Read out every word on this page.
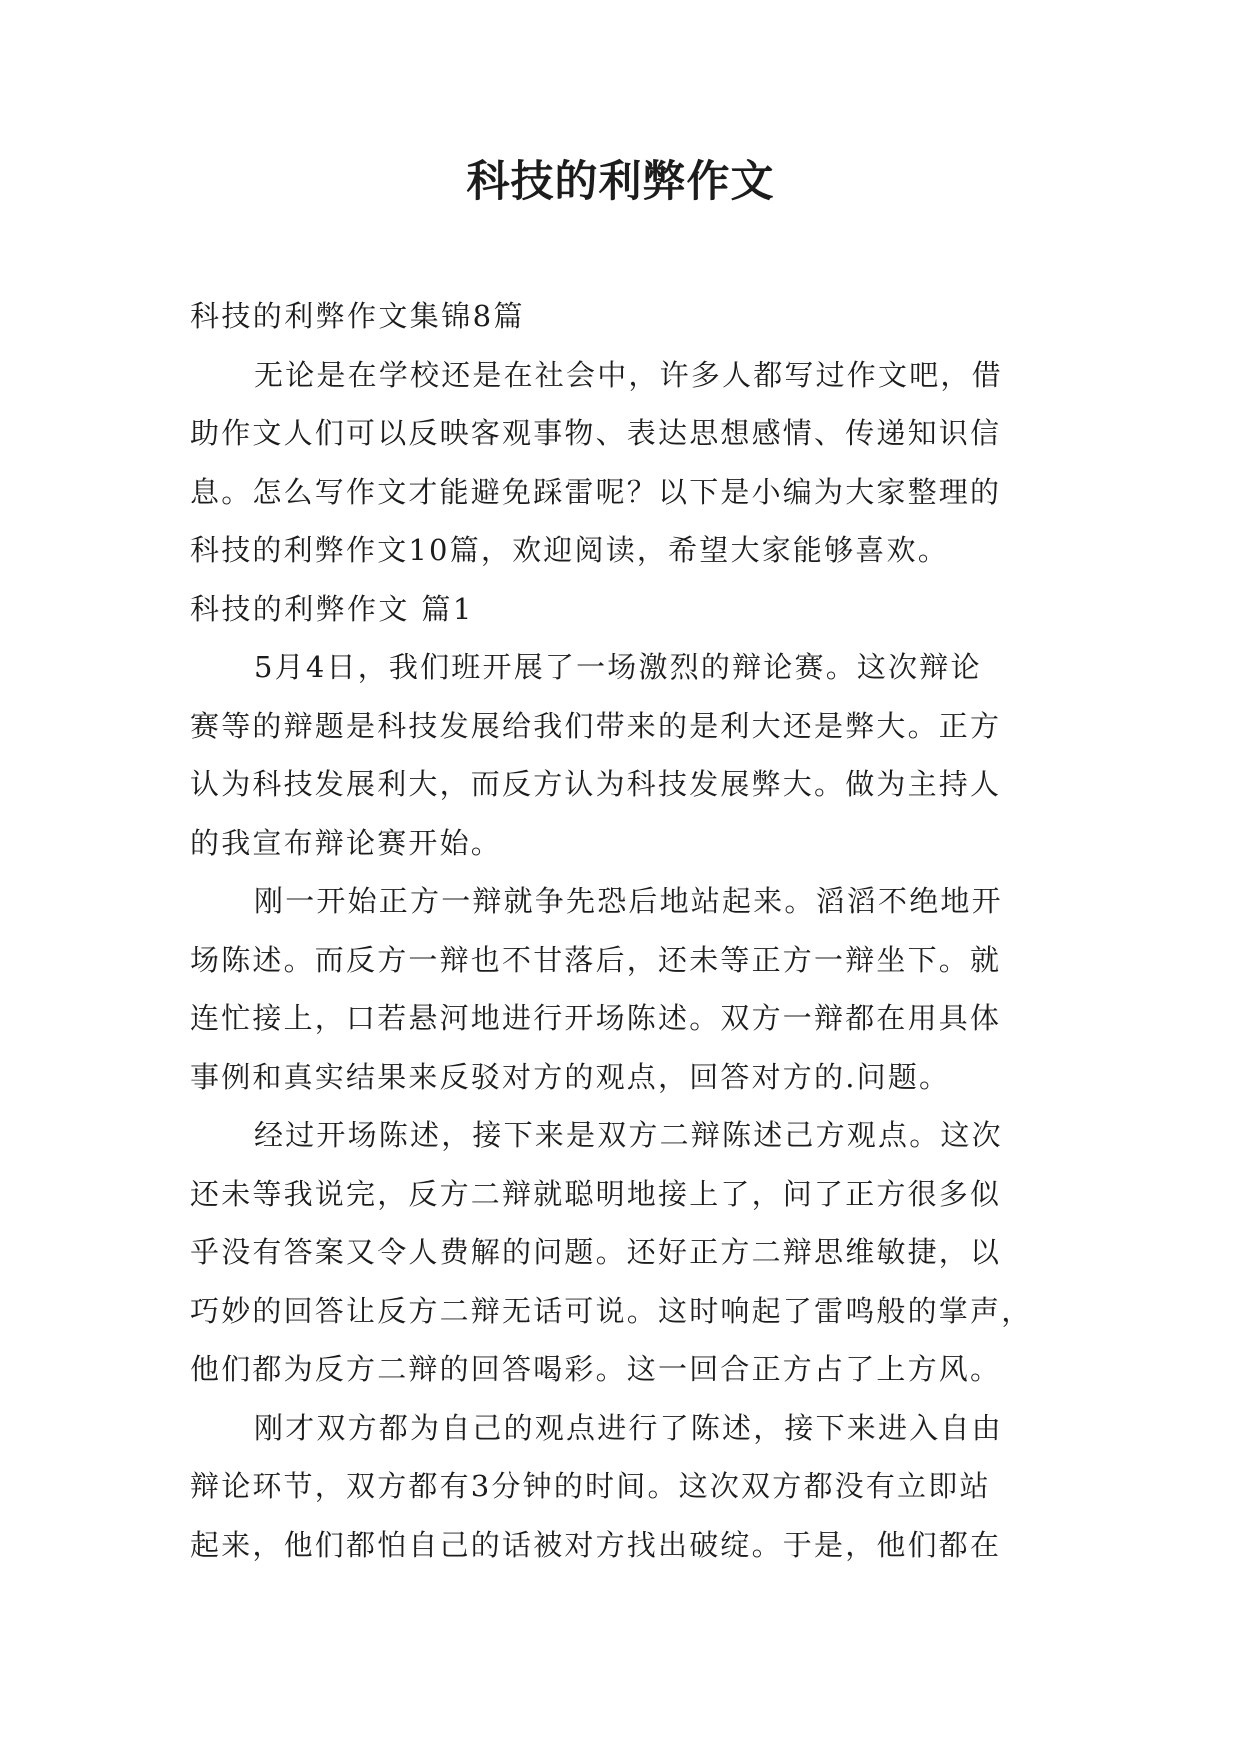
科技的利弊作文
科技的利弊作文集锦8篇
无论是在学校还是在社会中，许多人都写过作文吧，借
助作文人们可以反映客观事物、表达思想感情、传递知识信
息。怎么写作文才能避免踩雷呢？以下是小编为大家整理的
科技的利弊作文10篇，欢迎阅读，希望大家能够喜欢。
科技的利弊作文 篇1
5月4日，我们班开展了一场激烈的辩论赛。这次辩论
赛等的辩题是科技发展给我们带来的是利大还是弊大。正方
认为科技发展利大，而反方认为科技发展弊大。做为主持人
的我宣布辩论赛开始。
刚一开始正方一辩就争先恐后地站起来。滔滔不绝地开
场陈述。而反方一辩也不甘落后，还未等正方一辩坐下。就
连忙接上，口若悬河地进行开场陈述。双方一辩都在用具体
事例和真实结果来反驳对方的观点，回答对方的.问题。
经过开场陈述，接下来是双方二辩陈述己方观点。这次
还未等我说完，反方二辩就聪明地接上了，问了正方很多似
乎没有答案又令人费解的问题。还好正方二辩思维敏捷，以
巧妙的回答让反方二辩无话可说。这时响起了雷鸣般的掌声，
他们都为反方二辩的回答喝彩。这一回合正方占了上方风。
刚才双方都为自己的观点进行了陈述，接下来进入自由
辩论环节，双方都有3分钟的时间。这次双方都没有立即站
起来，他们都怕自己的话被对方找出破绽。于是，他们都在
